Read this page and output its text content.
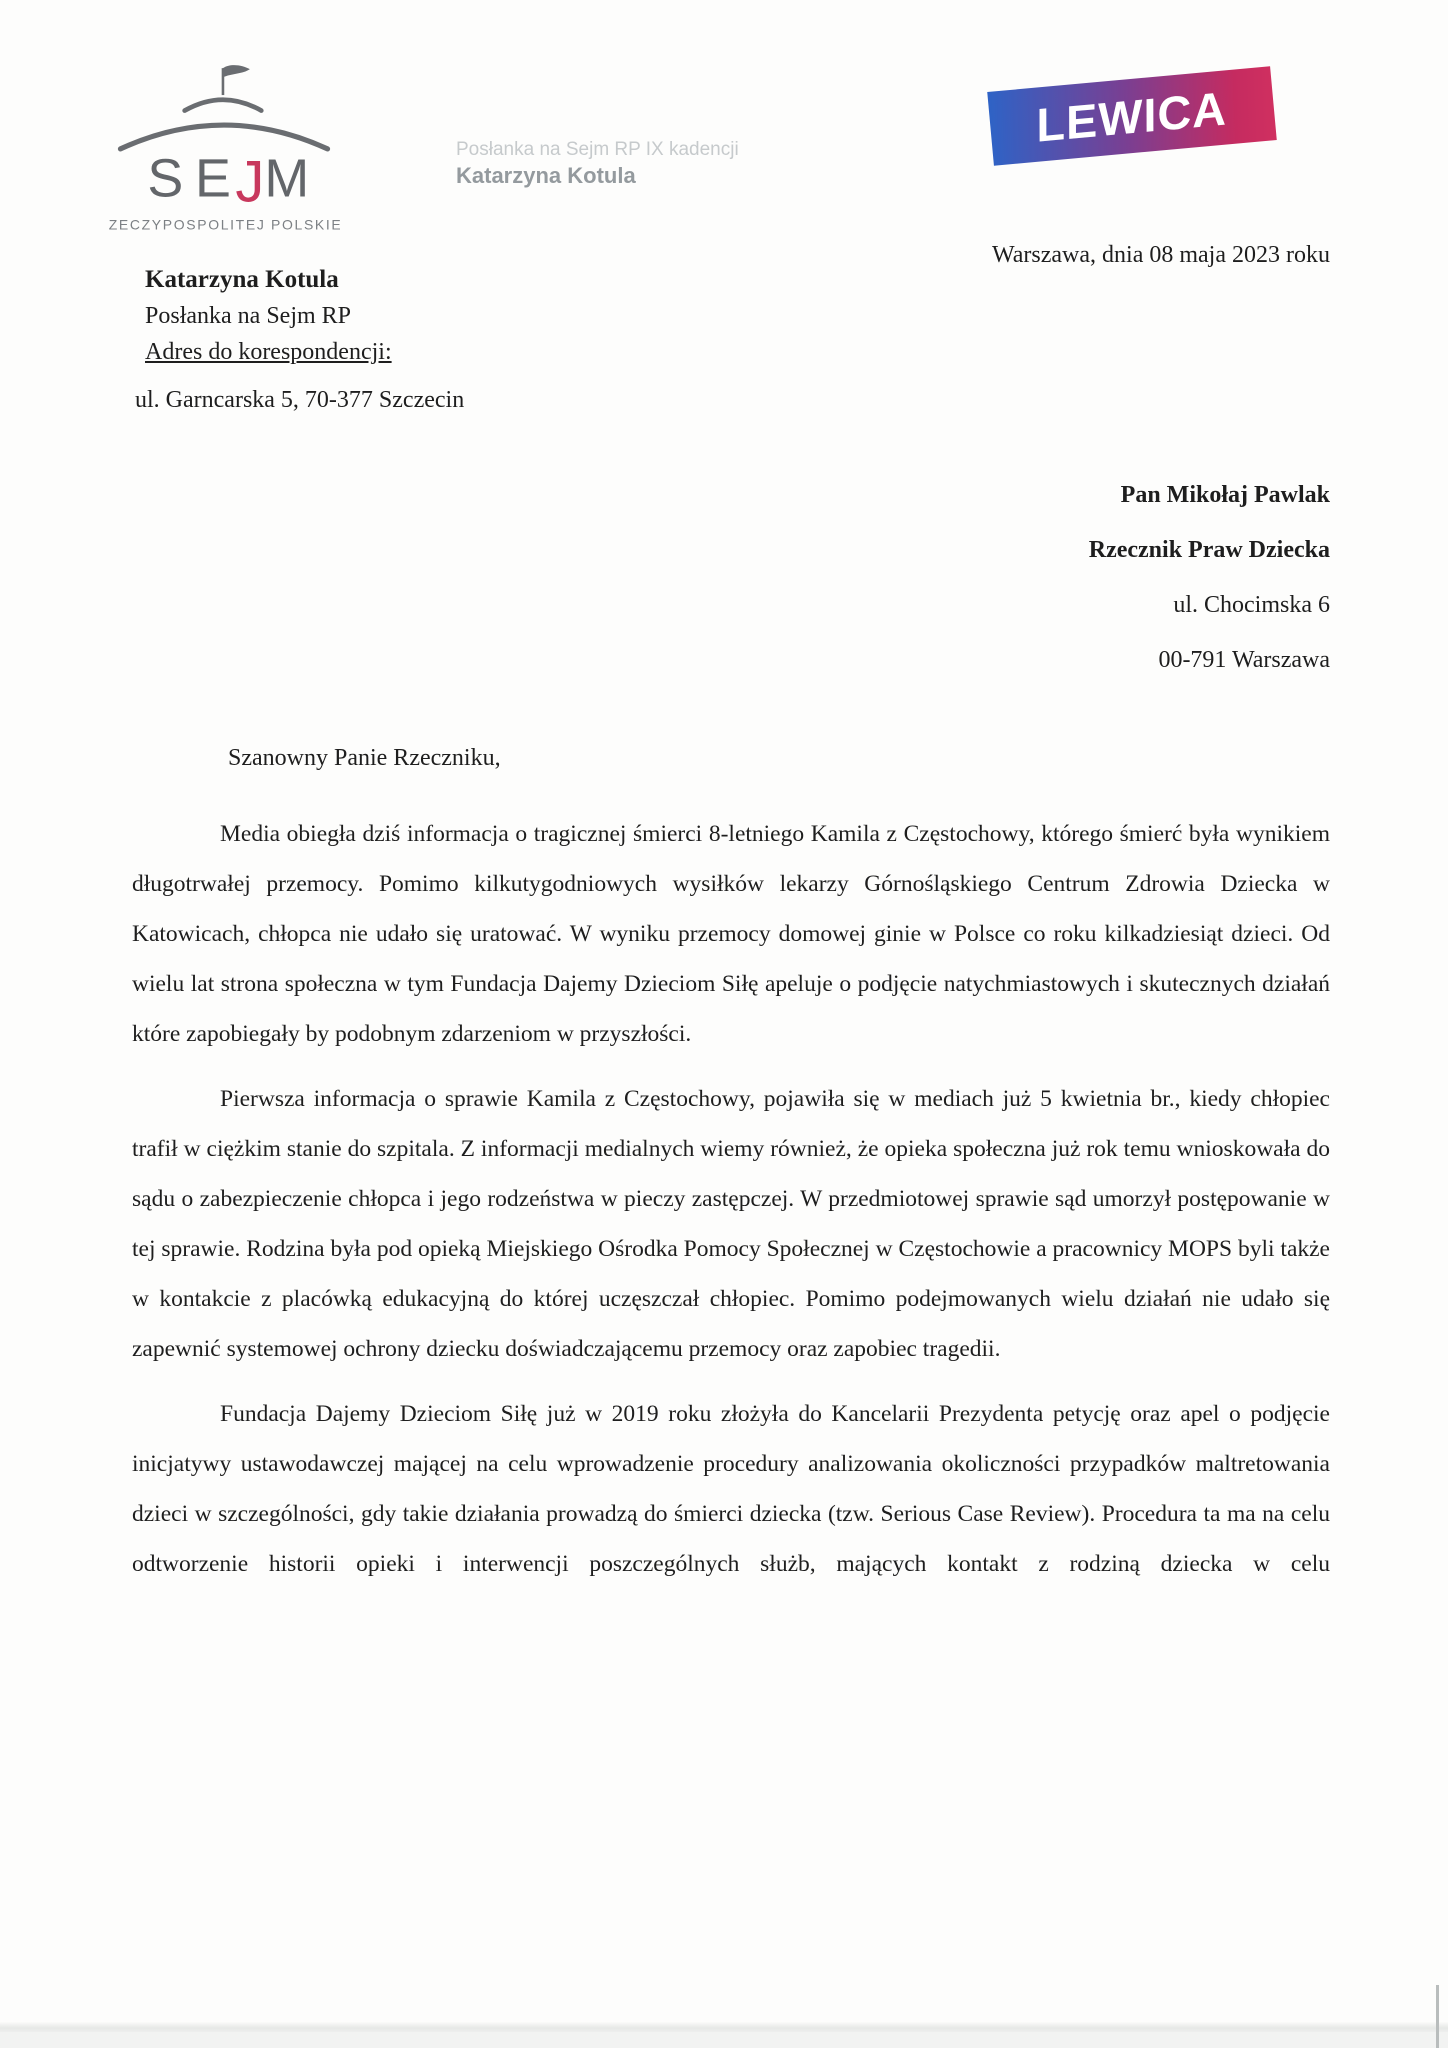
S E J M
RZECZYPOSPOLITEJ POLSKIEJ
Posłanka na Sejm RP IX kadencji
Katarzyna Kotula
LEWICA
Warszawa, dnia 08 maja 2023 roku
Katarzyna Kotula
Posłanka na Sejm RP
Adres do korespondencji:
ul. Garncarska 5, 70-377 Szczecin
Pan Mikołaj Pawlak
Rzecznik Praw Dziecka
ul. Chocimska 6
00-791 Warszawa

Szanowny Panie Rzeczniku,

Media obiegła dziś informacja o tragicznej śmierci 8-letniego Kamila z Częstochowy, którego śmierć była wynikiem długotrwałej przemocy. Pomimo kilkutygodniowych wysiłków lekarzy Górnośląskiego Centrum Zdrowia Dziecka w Katowicach, chłopca nie udało się uratować. W wyniku przemocy domowej ginie w Polsce co roku kilkadziesiąt dzieci. Od wielu lat strona społeczna w tym Fundacja Dajemy Dzieciom Siłę apeluje o podjęcie natychmiastowych i skutecznych działań które zapobiegały by podobnym zdarzeniom w przyszłości.

Pierwsza informacja o sprawie Kamila z Częstochowy, pojawiła się w mediach już 5 kwietnia br., kiedy chłopiec trafił w ciężkim stanie do szpitala. Z informacji medialnych wiemy również, że opieka społeczna już rok temu wnioskowała do sądu o zabezpieczenie chłopca i jego rodzeństwa w pieczy zastępczej. W przedmiotowej sprawie sąd umorzył postępowanie w tej sprawie. Rodzina była pod opieką Miejskiego Ośrodka Pomocy Społecznej w Częstochowie a pracownicy MOPS byli także w kontakcie z placówką edukacyjną do której uczęszczał chłopiec. Pomimo podejmowanych wielu działań nie udało się zapewnić systemowej ochrony dziecku doświadczającemu przemocy oraz zapobiec tragedii.

Fundacja Dajemy Dzieciom Siłę już w 2019 roku złożyła do Kancelarii Prezydenta petycję oraz apel o podjęcie inicjatywy ustawodawczej mającej na celu wprowadzenie procedury analizowania okoliczności przypadków maltretowania dzieci w szczególności, gdy takie działania prowadzą do śmierci dziecka (tzw. Serious Case Review). Procedura ta ma na celu odtworzenie historii opieki i interwencji poszczególnych służb, mających kontakt z rodziną dziecka w celu
